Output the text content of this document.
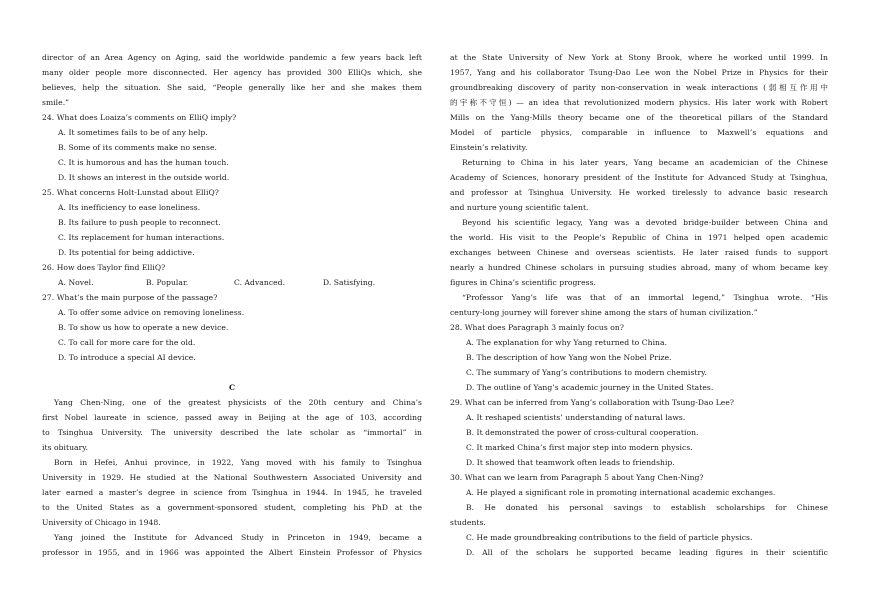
director of an Area Agency on Aging, said the worldwide pandemic a few years back left
many older people more disconnected. Her agency has provided 300 ElliQs which, she
believes, help the situation. She said, “People generally like her and she makes them
smile.”
24. What does Loaiza’s comments on ElliQ imply?
A. It sometimes fails to be of any help.
B. Some of its comments make no sense.
C. It is humorous and has the human touch.
D. It shows an interest in the outside world.
25. What concerns Holt-Lunstad about ElliQ?
A. Its inefficiency to ease loneliness.
B. Its failure to push people to reconnect.
C. Its replacement for human interactions.
D. Its potential for being addictive.
26. How does Taylor find ElliQ?
A. Novel.	B. Popular.	C. Advanced.	D. Satisfying.
27. What’s the main purpose of the passage?
A. To offer some advice on removing loneliness.
B. To show us how to operate a new device.
C. To call for more care for the old.
D. To introduce a special AI device.
C
Yang Chen-Ning, one of the greatest physicists of the 20th century and China’s
first Nobel laureate in science, passed away in Beijing at the age of 103, according
to Tsinghua University. The university described the late scholar as “immortal” in
its obituary.
Born in Hefei, Anhui province, in 1922, Yang moved with his family to Tsinghua
University in 1929. He studied at the National Southwestern Associated University and
later earned a master’s degree in science from Tsinghua in 1944. In 1945, he traveled
to the United States as a government-sponsored student, completing his PhD at the
University of Chicago in 1948.
Yang joined the Institute for Advanced Study in Princeton in 1949, became a
professor in 1955, and in 1966 was appointed the Albert Einstein Professor of Physics
at the State University of New York at Stony Brook, where he worked until 1999. In
1957, Yang and his collaborator Tsung-Dao Lee won the Nobel Prize in Physics for their
groundbreaking discovery of parity non-conservation in weak interactions (弱相互作用中
的宇称不守恒) — an idea that revolutionized modern physics. His later work with Robert
Mills on the Yang-Mills theory became one of the theoretical pillars of the Standard
Model of particle physics, comparable in influence to Maxwell’s equations and
Einstein’s relativity.
Returning to China in his later years, Yang became an academician of the Chinese
Academy of Sciences, honorary president of the Institute for Advanced Study at Tsinghua,
and professor at Tsinghua University. He worked tirelessly to advance basic research
and nurture young scientific talent.
Beyond his scientific legacy, Yang was a devoted bridge-builder between China and
the world. His visit to the People’s Republic of China in 1971 helped open academic
exchanges between Chinese and overseas scientists. He later raised funds to support
nearly a hundred Chinese scholars in pursuing studies abroad, many of whom became key
figures in China’s scientific progress.
“Professor Yang’s life was that of an immortal legend,” Tsinghua wrote. “His
century-long journey will forever shine among the stars of human civilization.”
28. What does Paragraph 3 mainly focus on?
A. The explanation for why Yang returned to China.
B. The description of how Yang won the Nobel Prize.
C. The summary of Yang’s contributions to modern chemistry.
D. The outline of Yang’s academic journey in the United States.
29. What can be inferred from Yang’s collaboration with Tsung-Dao Lee?
A. It reshaped scientists’ understanding of natural laws.
B. It demonstrated the power of cross-cultural cooperation.
C. It marked China’s first major step into modern physics.
D. It showed that teamwork often leads to friendship.
30. What can we learn from Paragraph 5 about Yang Chen-Ning?
A. He played a significant role in promoting international academic exchanges.
B. He donated his personal savings to establish scholarships for Chinese
students.
C. He made groundbreaking contributions to the field of particle physics.
D. All of the scholars he supported became leading figures in their scientific
